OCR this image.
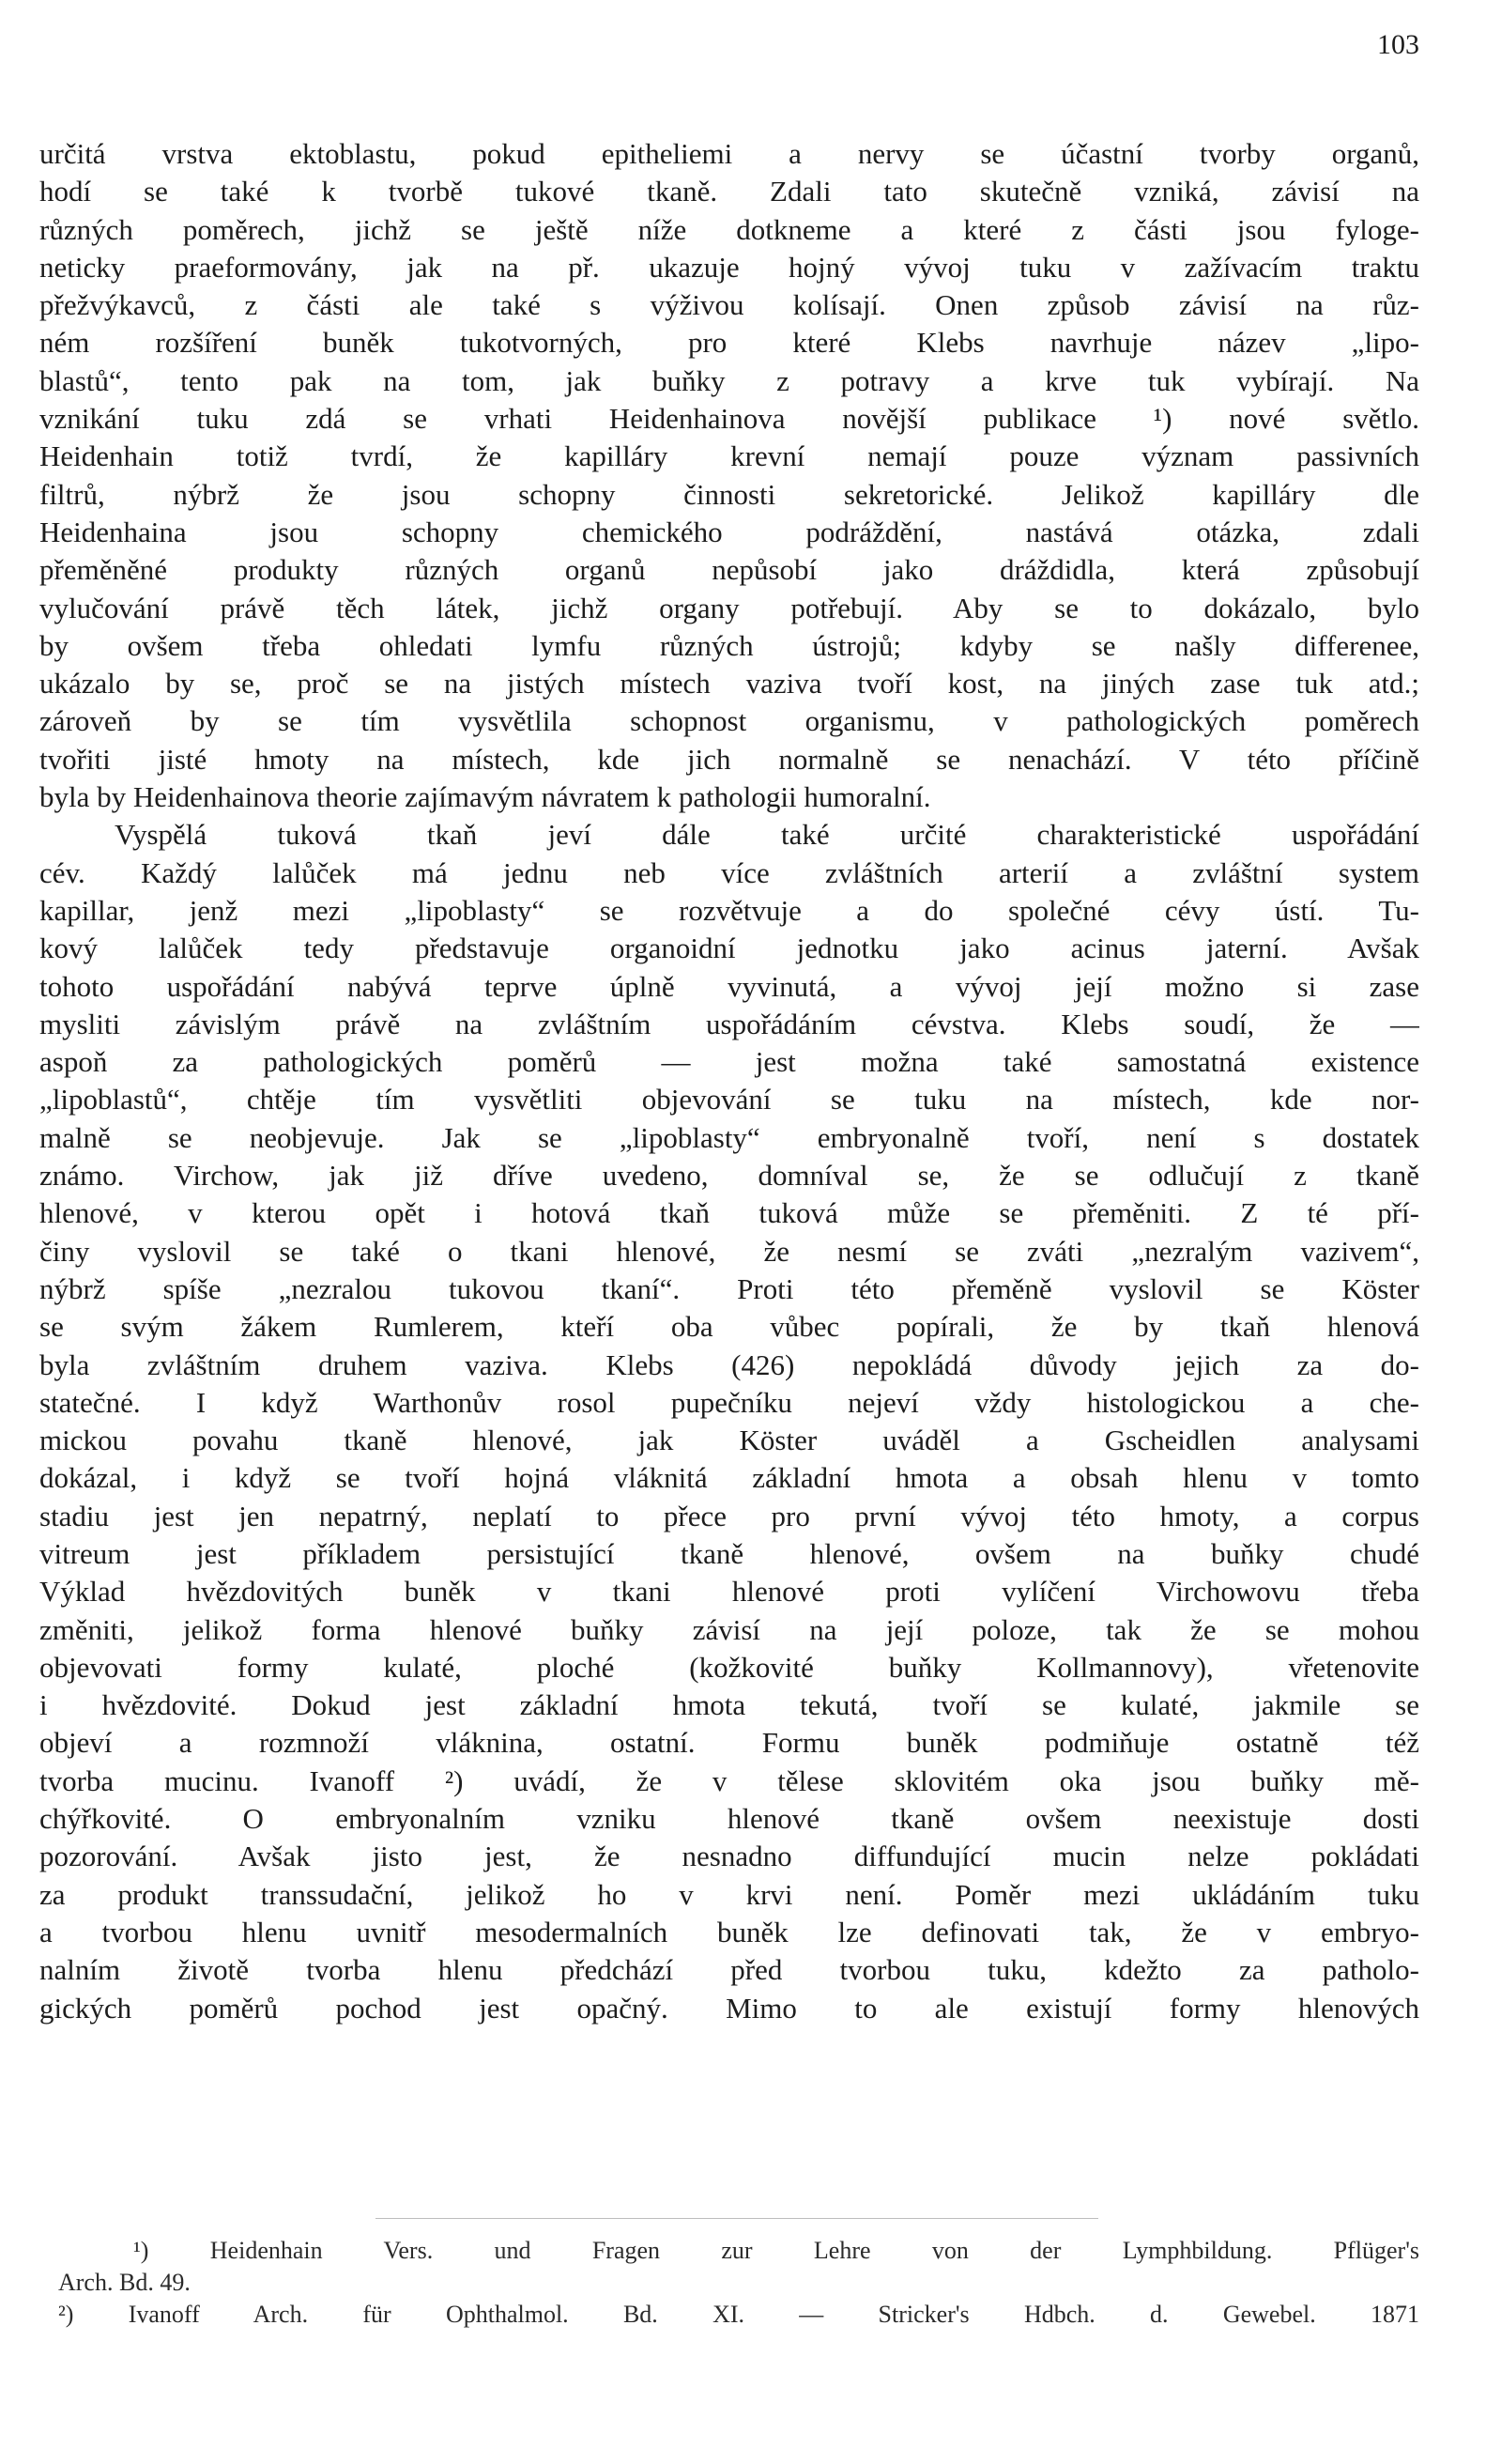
103
určitá vrstva ektoblastu, pokud epitheliemi a nervy se účastní tvorby organů,
hodí se také k tvorbě tukové tkaně. Zdali tato skutečně vzniká, závisí na
různých poměrech, jichž se ještě níže dotkneme a které z části jsou fyloge-
neticky praeformovány, jak na př. ukazuje hojný vývoj tuku v zažívacím traktu
přežvýkavců, z části ale také s výživou kolísají. Onen způsob závisí na růz-
ném rozšíření buněk tukotvorných, pro které Klebs navrhuje název „lipo-
blastů“, tento pak na tom, jak buňky z potravy a krve tuk vybírají. Na
vznikání tuku zdá se vrhati Heidenhainova novější publikace ¹) nové světlo.
Heidenhain totiž tvrdí, že kapilláry krevní nemají pouze význam passivních
filtrů, nýbrž že jsou schopny činnosti sekretorické. Jelikož kapilláry dle
Heidenhaina jsou schopny chemického podráždění, nastává otázka, zdali
přeměněné produkty různých organů nepůsobí jako dráždidla, která způsobují
vylučování právě těch látek, jichž organy potřebují. Aby se to dokázalo, bylo
by ovšem třeba ohledati lymfu různých ústrojů; kdyby se našly differenee,
ukázalo by se, proč se na jistých místech vaziva tvoří kost, na jiných zase tuk atd.;
zároveň by se tím vysvětlila schopnost organismu, v pathologických poměrech
tvořiti jisté hmoty na místech, kde jich normalně se nenachází. V této příčině
byla by Heidenhainova theorie zajímavým návratem k pathologii humoralní.
Vyspělá tuková tkaň jeví dále také určité charakteristické uspořádání
cév. Každý lalůček má jednu neb více zvláštních arterií a zvláštní system
kapillar, jenž mezi „lipoblasty“ se rozvětvuje a do společné cévy ústí. Tu-
kový lalůček tedy představuje organoidní jednotku jako acinus jaterní. Avšak
tohoto uspořádání nabývá teprve úplně vyvinutá, a vývoj její možno si zase
mysliti závislým právě na zvláštním uspořádáním cévstva. Klebs soudí, že —
aspoň za pathologických poměrů — jest možna také samostatná existence
„lipoblastů“, chtěje tím vysvětliti objevování se tuku na místech, kde nor-
malně se neobjevuje. Jak se „lipoblasty“ embryonalně tvoří, není s dostatek
známo. Virchow, jak již dříve uvedeno, domníval se, že se odlučují z tkaně
hlenové, v kterou opět i hotová tkaň tuková může se přeměniti. Z té pří-
činy vyslovil se také o tkani hlenové, že nesmí se zváti „nezralým vazivem“,
nýbrž spíše „nezralou tukovou tkaní“. Proti této přeměně vyslovil se Köster
se svým žákem Rumlerem, kteří oba vůbec popírali, že by tkaň hlenová
byla zvláštním druhem vaziva. Klebs (426) nepokládá důvody jejich za do-
statečné. I když Warthonův rosol pupečníku nejeví vždy histologickou a che-
mickou povahu tkaně hlenové, jak Köster uváděl a Gscheidlen analysami
dokázal, i když se tvoří hojná vláknitá základní hmota a obsah hlenu v tomto
stadiu jest jen nepatrný, neplatí to přece pro první vývoj této hmoty, a corpus
vitreum jest příkladem persistující tkaně hlenové, ovšem na buňky chudé
Výklad hvězdovitých buněk v tkani hlenové proti vylíčení Virchowovu třeba
změniti, jelikož forma hlenové buňky závisí na její poloze, tak že se mohou
objevovati formy kulaté, ploché (kožkovité buňky Kollmannovy), vřetenovite
i hvězdovité. Dokud jest základní hmota tekutá, tvoří se kulaté, jakmile se
objeví a rozmnoží vláknina, ostatní. Formu buněk podmiňuje ostatně též
tvorba mucinu. Ivanoff ²) uvádí, že v tělese sklovitém oka jsou buňky mě-
chýřkovité. O embryonalním vzniku hlenové tkaně ovšem neexistuje dosti
pozorování. Avšak jisto jest, že nesnadno diffundující mucin nelze pokládati
za produkt transsudační, jelikož ho v krvi není. Poměr mezi ukládáním tuku
a tvorbou hlenu uvnitř mesodermalních buněk lze definovati tak, že v embryo-
nalním životě tvorba hlenu předchází před tvorbou tuku, kdežto za patholo-
gických poměrů pochod jest opačný. Mimo to ale existují formy hlenových
¹) Heidenhain Vers. und Fragen zur Lehre von der Lymphbildung. Pflüger's
Arch. Bd. 49.
²) Ivanoff Arch. für Ophthalmol. Bd. XI. — Stricker's Hdbch. d. Gewebel. 1871
